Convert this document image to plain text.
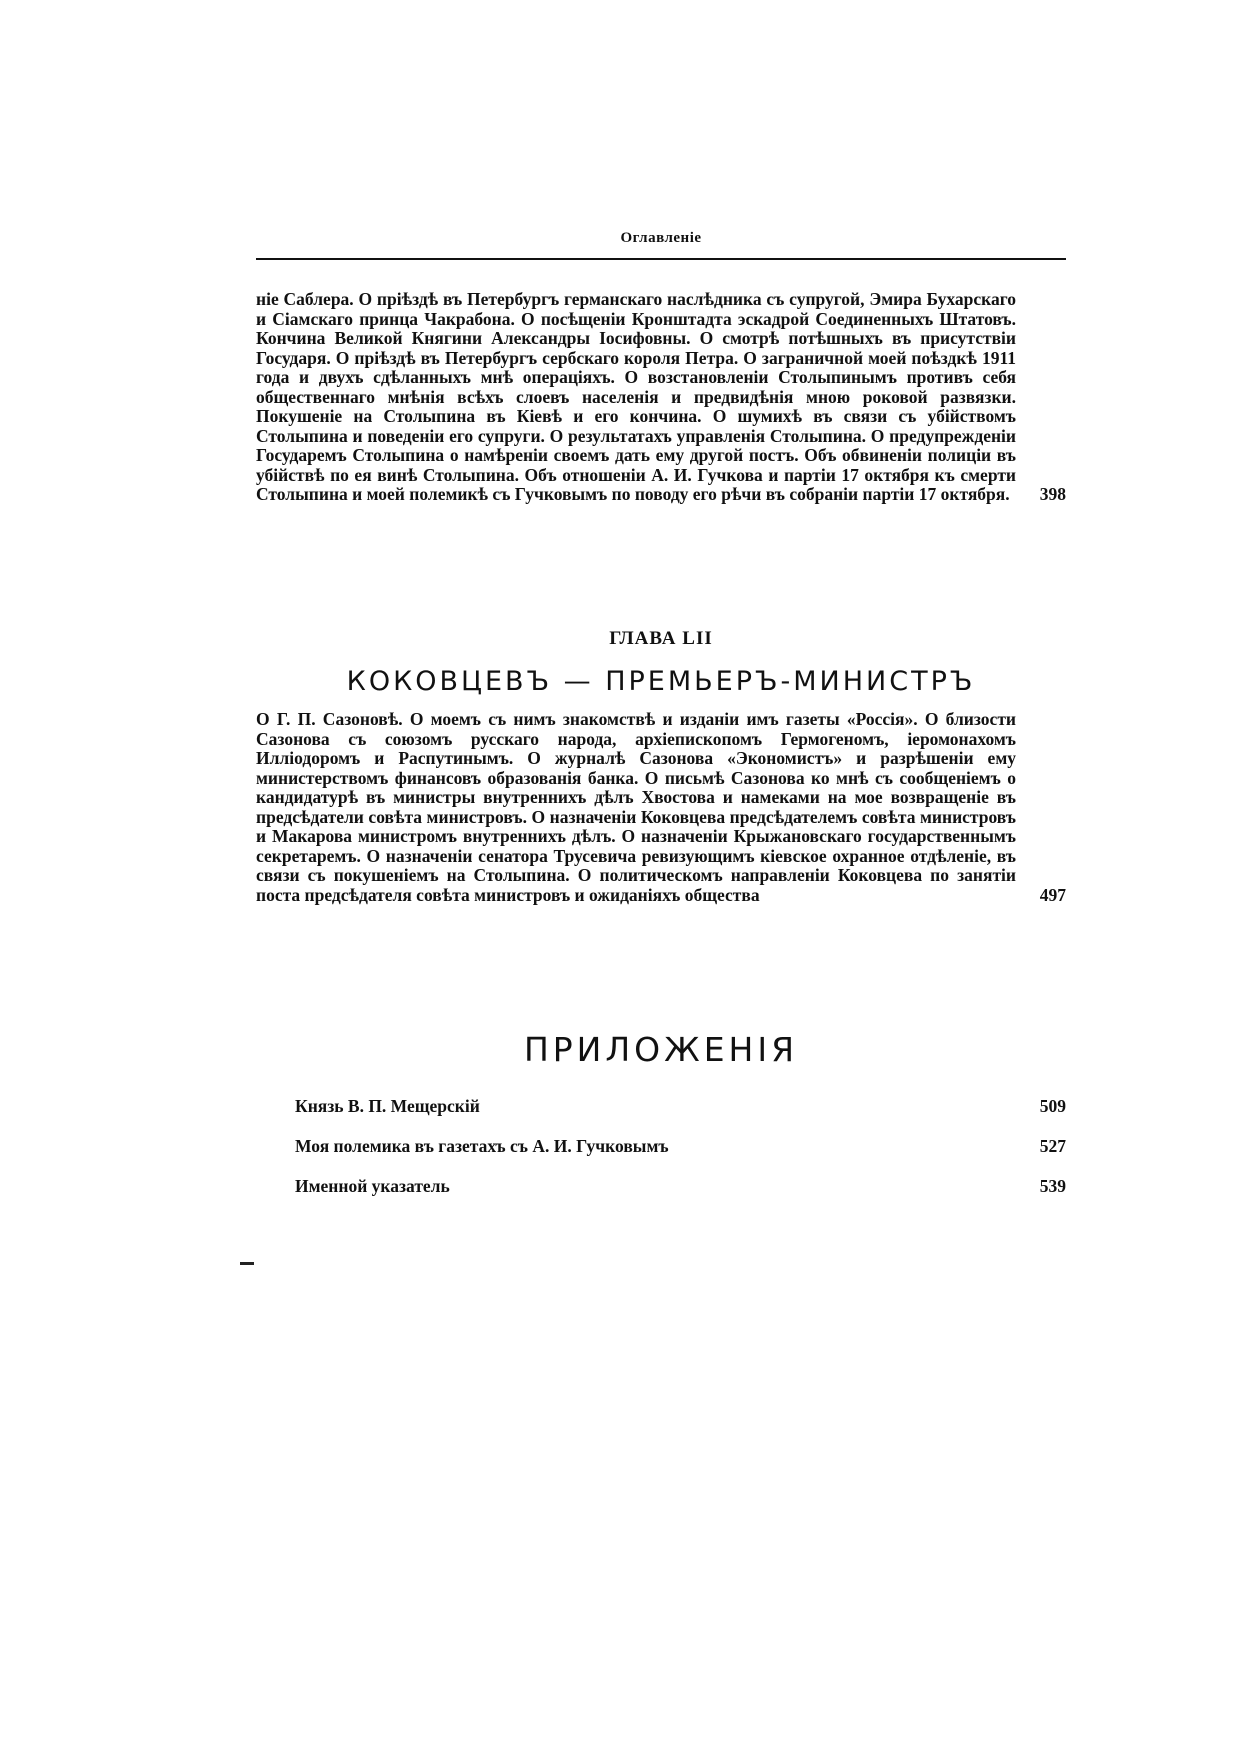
Оглавленіе
ніе Саблера. О пріѣздѣ въ Петербургъ германскаго наслѣдника съ супругой, Эмира Бухарскаго и Сіамскаго принца Чакрабона. О посѣщеніи Кронштадта эскадрой Соединенныхъ Штатовъ. Кончина Великой Княгини Александры Іосифовны. О смотрѣ потѣшныхъ въ присутствіи Государя. О пріѣздѣ въ Петербургъ сербскаго короля Петра. О заграничной моей поѣздкѣ 1911 года и двухъ сдѣланныхъ мнѣ операціяхъ. О возстановленіи Столыпинымъ противъ себя общественнаго мнѣнія всѣхъ слоевъ населенія и предвидѣнія мною роковой развязки. Покушеніе на Столыпина въ Кіевѣ и его кончина. О шумихѣ въ связи съ убійствомъ Столыпина и поведеніи его супруги. О результатахъ управленія Столыпина. О предупрежденіи Государемъ Столыпина о намѣреніи своемъ дать ему другой постъ. Объ обвиненіи полиціи въ убійствѣ по ея винѣ Столыпина. Объ отношеніи А. И. Гучкова и партіи 17 октября къ смерти Столыпина и моей полемикѣ съ Гучковымъ по поводу его рѣчи въ собраніи партіи 17 октября.	398
ГЛАВА LII
КОКОВЦЕВЪ — ПРЕМЬЕРЪ-МИНИСТРЪ
О Г. П. Сазоновѣ. О моемъ съ нимъ знакомствѣ и изданіи имъ газеты «Россія». О близости Сазонова съ союзомъ русскаго народа, архіепископомъ Гермогеномъ, іеромонахомъ Илліодоромъ и Распутинымъ. О журналѣ Сазонова «Экономистъ» и разрѣшеніи ему министерствомъ финансовъ образованія банка. О письмѣ Сазонова ко мнѣ съ сообщеніемъ о кандидатурѣ въ министры внутреннихъ дѣлъ Хвостова и намеками на мое возвращеніе въ предсѣдатели совѣта министровъ. О назначеніи Коковцева предсѣдателемъ совѣта министровъ и Макарова министромъ внутреннихъ дѣлъ. О назначеніи Крыжановскаго государственнымъ секретаремъ. О назначеніи сенатора Трусевича ревизующимъ кіевское охранное отдѣленіе, въ связи съ покушеніемъ на Столыпина. О политическомъ направленіи Коковцева по занятіи поста предсѣдателя совѣта министровъ и ожиданіяхъ общества	497
ПРИЛОЖЕНІЯ
Князь В. П. Мещерскій	509
Моя полемика въ газетахъ съ А. И. Гучковымъ	527
Именной указатель	539
